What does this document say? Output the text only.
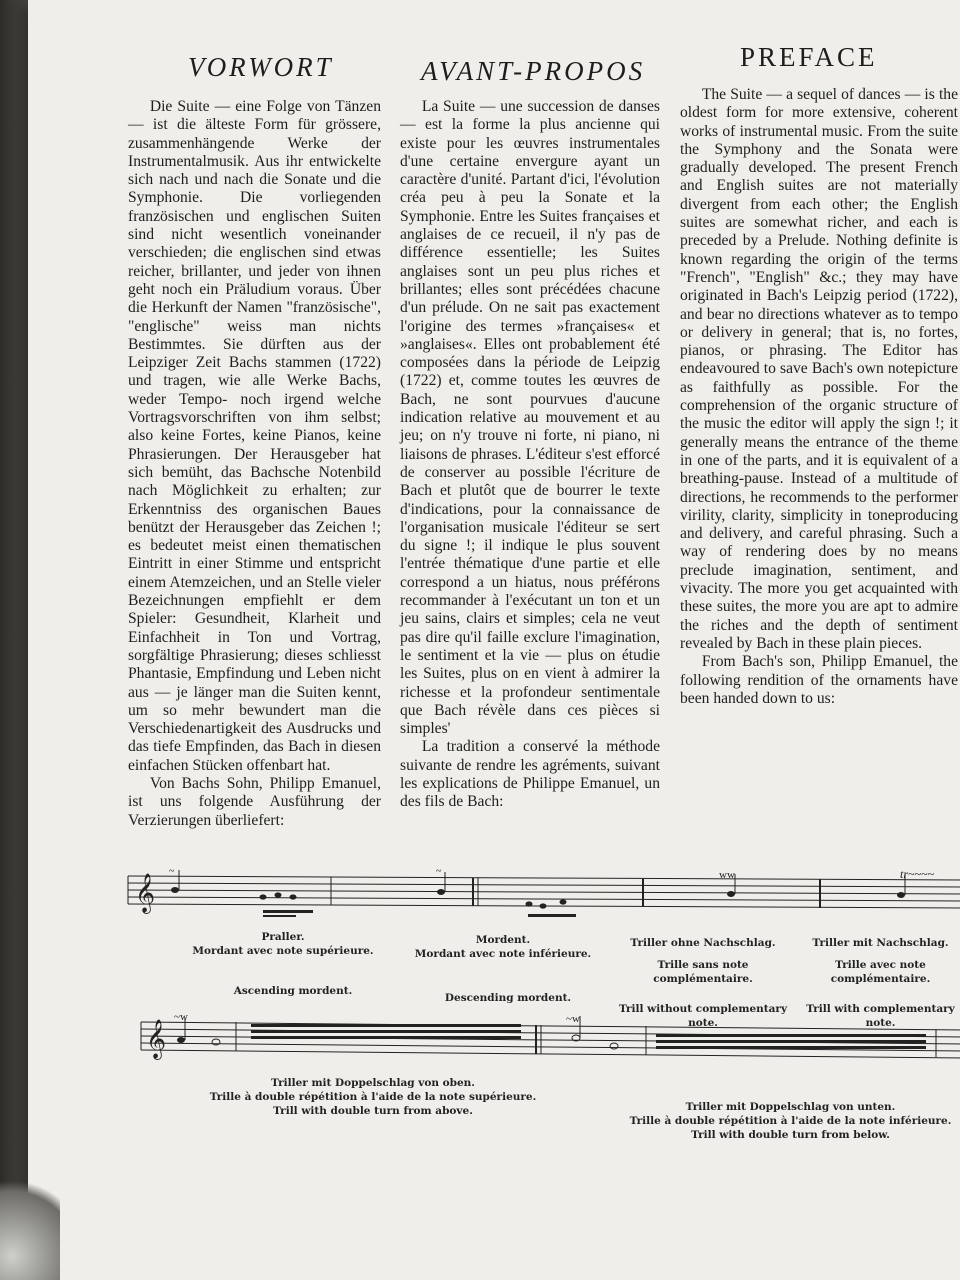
VORWORT	AVANT-PROPOS	PREFACE

Die Suite — eine Folge von Tänzen — ist die älteste Form für grössere, zusammenhängende Werke der Instrumentalmusik. Aus ihr entwickelte sich nach und nach die Sonate und die Symphonie. Die vorliegenden französischen und englischen Suiten sind nicht wesentlich voneinander verschieden; die englischen sind etwas reicher, brillanter, und jeder von ihnen geht noch ein Präludium voraus. Über die Herkunft der Namen "französische", "englische" weiss man nichts Bestimmtes. Sie dürften aus der Leipziger Zeit Bachs stammen (1722) und tragen, wie alle Werke Bachs, weder Tempo- noch irgend welche Vortragsvorschriften von ihm selbst; also keine Fortes, keine Pianos, keine Phrasierungen. Der Herausgeber hat sich bemüht, das Bachsche Notenbild nach Möglichkeit zu erhalten; zur Erkenntniss des organischen Baues benützt der Herausgeber das Zeichen !; es bedeutet meist einen thematischen Eintritt in einer Stimme und entspricht einem Atemzeichen, und an Stelle vieler Bezeichnungen empfiehlt er dem Spieler: Gesundheit, Klarheit und Einfachheit in Ton und Vortrag, sorgfältige Phrasierung; dieses schliesst Phantasie, Empfindung und Leben nicht aus — je länger man die Suiten kennt, um so mehr bewundert man die Verschiedenartigkeit des Ausdrucks und das tiefe Empfinden, das Bach in diesen einfachen Stücken offenbart hat.

Von Bachs Sohn, Philipp Emanuel, ist uns folgende Ausführung der Verzierungen überliefert:

La Suite — une succession de danses — est la forme la plus ancienne qui existe pour les œuvres instrumentales d'une certaine envergure ayant un caractère d'unité. Partant d'ici, l'évolution créa peu à peu la Sonate et la Symphonie. Entre les Suites françaises et anglaises de ce recueil, il n'y pas de différence essentielle; les Suites anglaises sont un peu plus riches et brillantes; elles sont précédées chacune d'un prélude. On ne sait pas exactement l'origine des termes »françaises« et »anglaises«. Elles ont probablement été composées dans la période de Leipzig (1722) et, comme toutes les œuvres de Bach, ne sont pourvues d'aucune indication relative au mouvement et au jeu; on n'y trouve ni forte, ni piano, ni liaisons de phrases. L'éditeur s'est efforcé de conserver au possible l'écriture de Bach et plutôt que de bourrer le texte d'indications, pour la connaissance de l'organisation musicale l'éditeur se sert du signe !; il indique le plus souvent l'entrée thématique d'une partie et elle correspond a un hiatus, nous préférons recommander à l'exécutant un ton et un jeu sains, clairs et simples; cela ne veut pas dire qu'il faille exclure l'imagination, le sentiment et la vie — plus on étudie les Suites, plus on en vient à admirer la richesse et la profondeur sentimentale que Bach révèle dans ces pièces si simples'

La tradition a conservé la méthode suivante de rendre les agréments, suivant les explications de Philippe Emanuel, un des fils de Bach:

The Suite — a sequel of dances — is the oldest form for more extensive, coherent works of instrumental music. From the suite the Symphony and the Sonata were gradually developed. The present French and English suites are not materially divergent from each other; the English suites are somewhat richer, and each is preceded by a Prelude. Nothing definite is known regarding the origin of the terms "French", "English" &c.; they may have originated in Bach's Leipzig period (1722), and bear no directions whatever as to tempo or delivery in general; that is, no fortes, pianos, or phrasing. The Editor has endeavoured to save Bach's own notepicture as faithfully as possible. For the comprehension of the organic structure of the music the editor will apply the sign !; it generally means the entrance of the theme in one of the parts, and it is equivalent of a breathing-pause. Instead of a multitude of directions, he recommends to the performer virility, clarity, simplicity in toneproducing and delivery, and careful phrasing. Such a way of rendering does by no means preclude imagination, sentiment, and vivacity. The more you get acquainted with these suites, the more you are apt to admire the riches and the depth of sentiment revealed by Bach in these plain pieces.

From Bach's son, Philipp Emanuel, the following rendition of the ornaments have been handed down to us:

𝄞
~	~	ww	tr~~~~
Praller.
Mordant avec note supérieure.
Mordent.
Mordant avec note inférieure.
Triller ohne Nachschlag.
Trille sans note complémentaire.
Trill without complementary note.
Triller mit Nachschlag.
Trille avec note complémentaire.
Trill with complementary note.
Ascending mordent.
Descending mordent.
𝄞
~w	~w
Triller mit Doppelschlag von oben.
Trille à double répétition à l'aide de la note supérieure.
Trill with double turn from above.	Triller mit Doppelschlag von unten.
Trille à double répétition à l'aide de la note inférieure.
Trill with double turn from below.
